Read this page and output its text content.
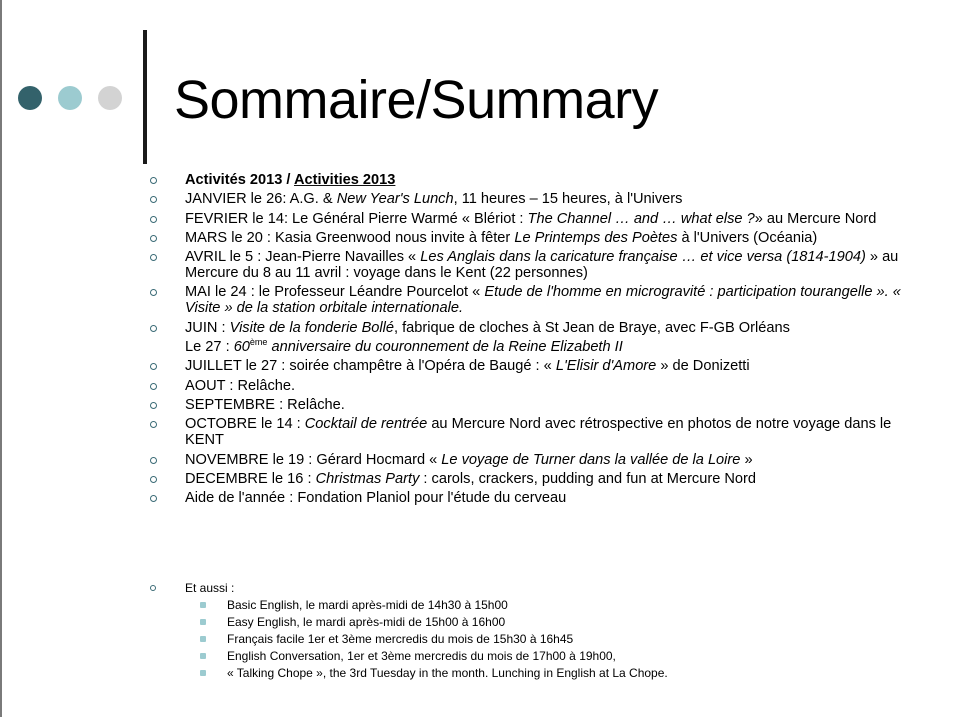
Sommaire/Summary
Activités 2013 / Activities 2013
JANVIER le 26: A.G. & New Year's Lunch, 11 heures – 15 heures, à l'Univers
FEVRIER le 14: Le Général Pierre Warmé « Blériot : The Channel … and … what else ?» au Mercure Nord
MARS le 20 : Kasia Greenwood nous invite à fêter Le Printemps des Poètes à l'Univers (Océania)
AVRIL le 5 : Jean-Pierre Navailles « Les Anglais dans la caricature française … et vice versa (1814-1904) » au Mercure du 8 au 11 avril : voyage dans le Kent (22 personnes)
MAI le 24 : le Professeur Léandre Pourcelot « Etude de l'homme en microgravité : participation tourangelle ». « Visite » de la station orbitale internationale.
JUIN : Visite de la fonderie Bollé, fabrique de cloches à St Jean de Braye, avec F-GB Orléans
Le 27 : 60ème anniversaire du couronnement de la Reine Elizabeth II
JUILLET le 27 : soirée champêtre à l'Opéra de Baugé : « L'Elisir d'Amore » de Donizetti
AOUT : Relâche.
SEPTEMBRE : Relâche.
OCTOBRE le 14 : Cocktail de rentrée au Mercure Nord avec rétrospective en photos de notre voyage dans le KENT
NOVEMBRE le 19 : Gérard Hocmard « Le voyage de Turner dans la vallée de la Loire »
DECEMBRE le 16 : Christmas Party : carols, crackers, pudding and fun at Mercure Nord
Aide de l'année : Fondation Planiol pour l'étude du cerveau
Et aussi :
Basic English, le mardi après-midi de 14h30 à 15h00
Easy English, le mardi après-midi de 15h00 à 16h00
Français facile 1er et 3ème mercredis du mois de 15h30 à 16h45
English Conversation, 1er et 3ème mercredis du mois de 17h00 à 19h00,
« Talking Chope », the 3rd Tuesday in the month. Lunching in English at La Chope.
